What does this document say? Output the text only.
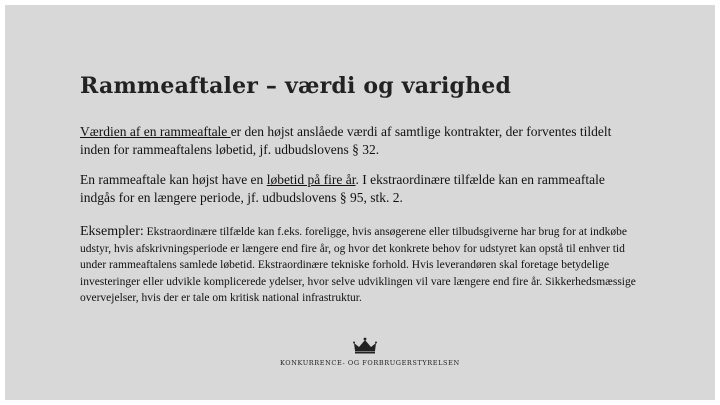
Rammeaftaler – værdi og varighed
Værdien af en rammeaftale er den højst anslåede værdi af samtlige kontrakter, der forventes tildelt inden for rammeaftalens løbetid, jf. udbudslovens § 32.
En rammeaftale kan højst have en løbetid på fire år. I ekstraordinære tilfælde kan en rammeaftale indgås for en længere periode, jf. udbudslovens § 95, stk. 2.
Eksempler: Ekstraordinære tilfælde kan f.eks. foreligge, hvis ansøgerene eller tilbudsgiverne har brug for at indkøbe udstyr, hvis afskrivningsperiode er længere end fire år, og hvor det konkrete behov for udstyret kan opstå til enhver tid under rammeaftalens samlede løbetid. Ekstraordinære tekniske forhold. Hvis leverandøren skal foretage betydelige investeringer eller udvikle komplicerede ydelser, hvor selve udviklingen vil vare længere end fire år. Sikkerhedsmæssige overvejelser, hvis der er tale om kritisk national infrastruktur.
KONKURRENCE- OG FORBRUGERSTYRELSEN
